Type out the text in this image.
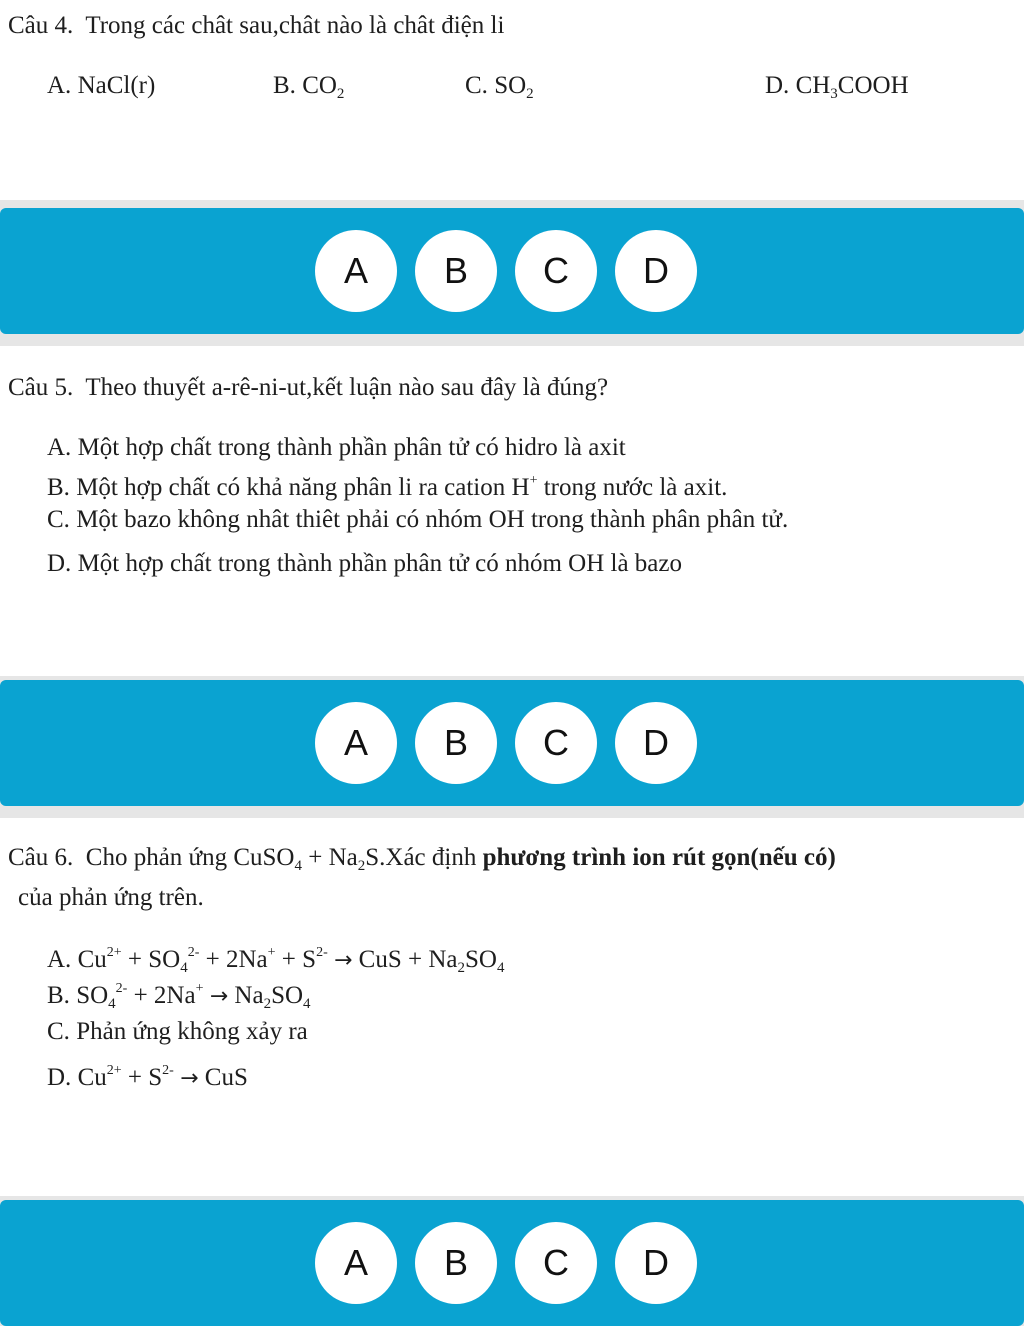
Câu 4. Trong các chât sau,chât nào là chât điện li
A. NaCl(r)	B. $CO_2$	C. $SO_2$	D. $CH_3COOH$
A	B	C	D
Câu 5. Theo thuyết a-rê-ni-ut,kết luận nào sau đây là đúng?
A. Một hợp chất trong thành phần phân tử có hidro là axit
B. Một hợp chất có khả năng phân li ra cation H+ trong nước là axit.
C. Một bazo không nhât thiêt phải có nhóm OH trong thành phân phân tử.
D. Một hợp chất trong thành phần phân tử có nhóm OH là bazo
A	B	C	D
Câu 6. Cho phản ứng CuSO$_4$ + $Na_2S.Xác$ định phương trình ion rút gọn(nếu có)
của phản ứng trên.
A. $Cu^{2+} + SO_4^{2-} + 2Na^+ + S^{2-}$ → CuS + $Na_2SO_4$
B. $SO_4^{2-} + 2Na^+ \to Na_2SO_4$
C. Phản ứng không xảy ra
D. $Cu^{2+} + S^{2-}$ → CuS
A	B	C	D
